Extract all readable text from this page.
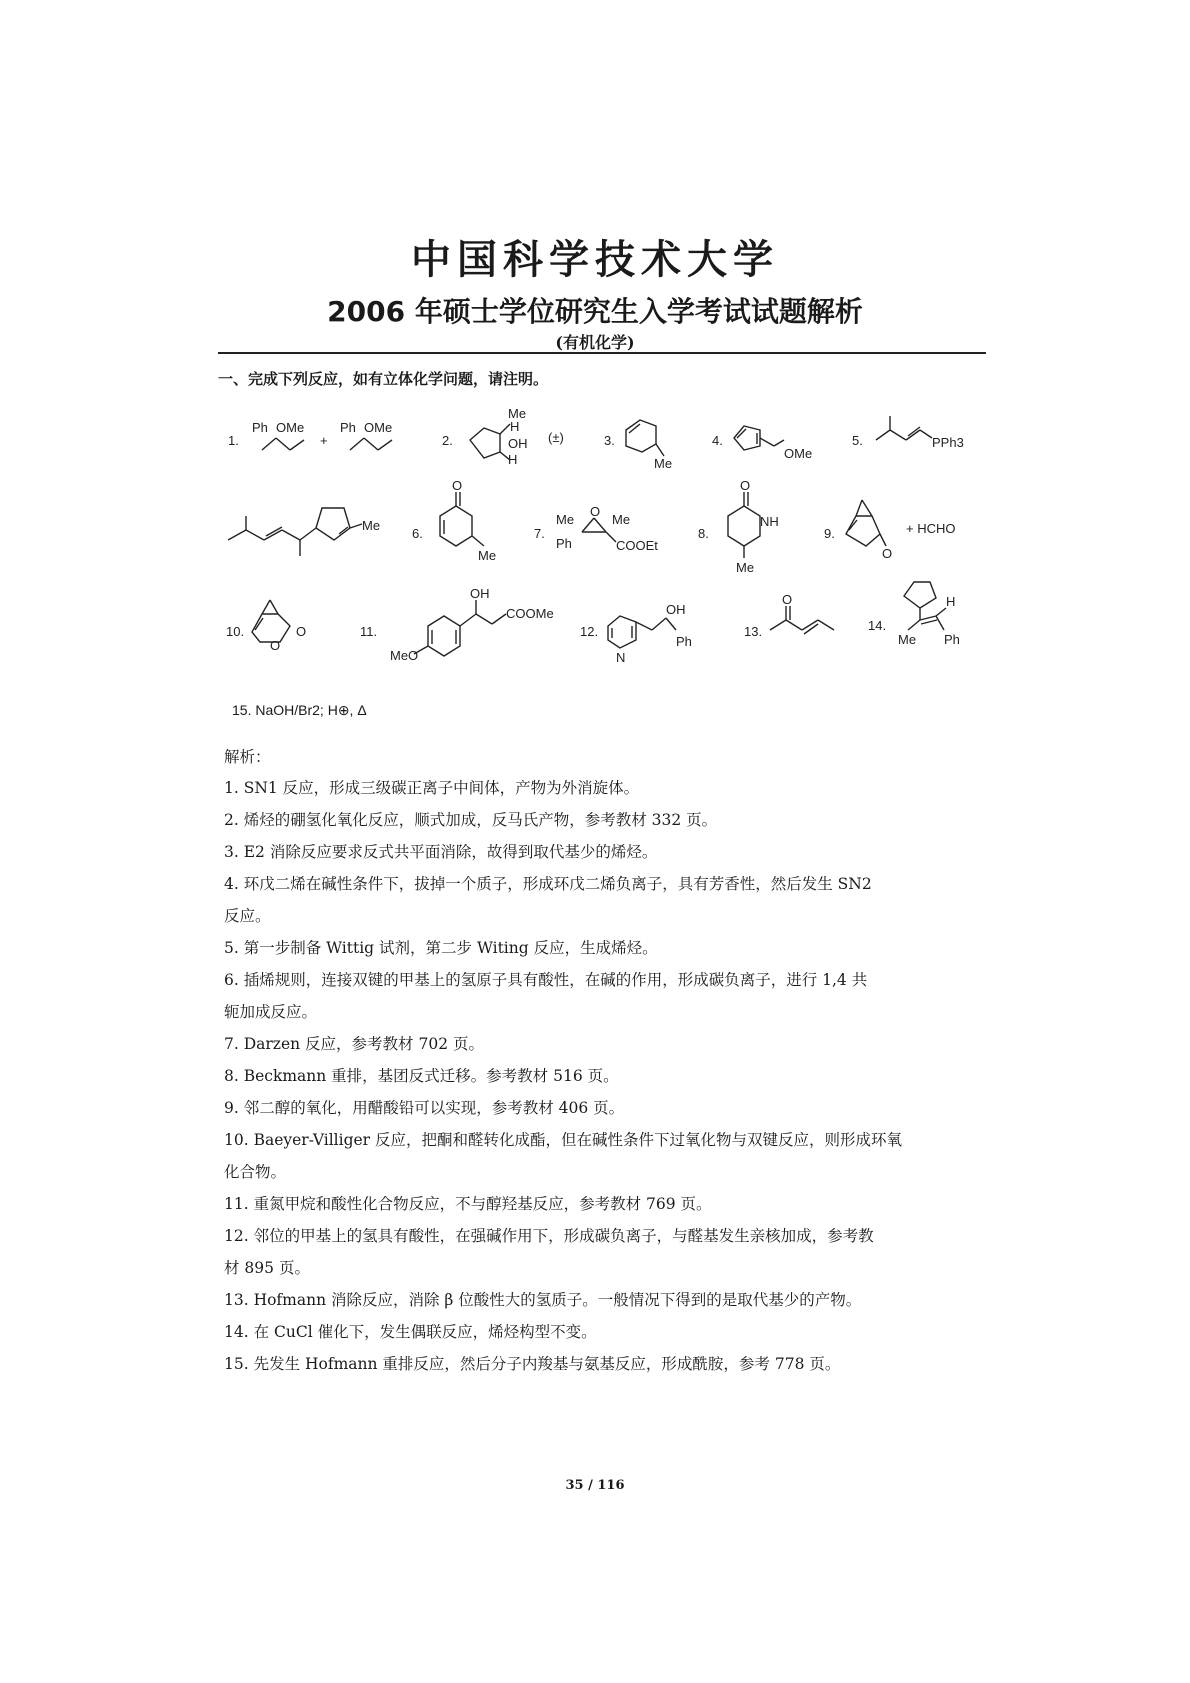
中国科学技术大学
2006 年硕士学位研究生入学考试试题解析
(有机化学)
一、完成下列反应，如有立体化学问题，请注明。
1.
Ph OMe
+
Ph OMe
2.
Me
H
OH
H
(±)	3.
Me
4.
OMe
5.	PPh3
Me
6.
O
Me
7.
Me
Ph
O
Me
COOEt
8.
O
NH
Me
9.
O
+ HCHO
10.
O
O	11.
MeO
OH
COOMe
12.
N
OH
Ph
13.
O
14.
Me
H
Ph
15. NaOH/Br2; H⊕, Δ
解析：
1. SN1 反应，形成三级碳正离子中间体，产物为外消旋体。
2. 烯烃的硼氢化氧化反应，顺式加成，反马氏产物，参考教材 332 页。
3. E2 消除反应要求反式共平面消除，故得到取代基少的烯烃。
4. 环戊二烯在碱性条件下，拔掉一个质子，形成环戊二烯负离子，具有芳香性，然后发生 SN2
反应。
5. 第一步制备 Wittig 试剂，第二步 Witing 反应，生成烯烃。
6. 插烯规则，连接双键的甲基上的氢原子具有酸性，在碱的作用，形成碳负离子，进行 1,4 共
轭加成反应。
7. Darzen 反应，参考教材 702 页。
8. Beckmann 重排，基团反式迁移。参考教材 516 页。
9. 邻二醇的氧化，用醋酸铅可以实现，参考教材 406 页。
10. Baeyer-Villiger 反应，把酮和醛转化成酯，但在碱性条件下过氧化物与双键反应，则形成环氧
化合物。
11. 重氮甲烷和酸性化合物反应，不与醇羟基反应，参考教材 769 页。
12. 邻位的甲基上的氢具有酸性，在强碱作用下，形成碳负离子，与醛基发生亲核加成，参考教
材 895 页。
13. Hofmann 消除反应，消除 β 位酸性大的氢质子。一般情况下得到的是取代基少的产物。
14. 在 CuCl 催化下，发生偶联反应，烯烃构型不变。
15. 先发生 Hofmann 重排反应，然后分子内羧基与氨基反应，形成酰胺，参考 778 页。
35 / 116
